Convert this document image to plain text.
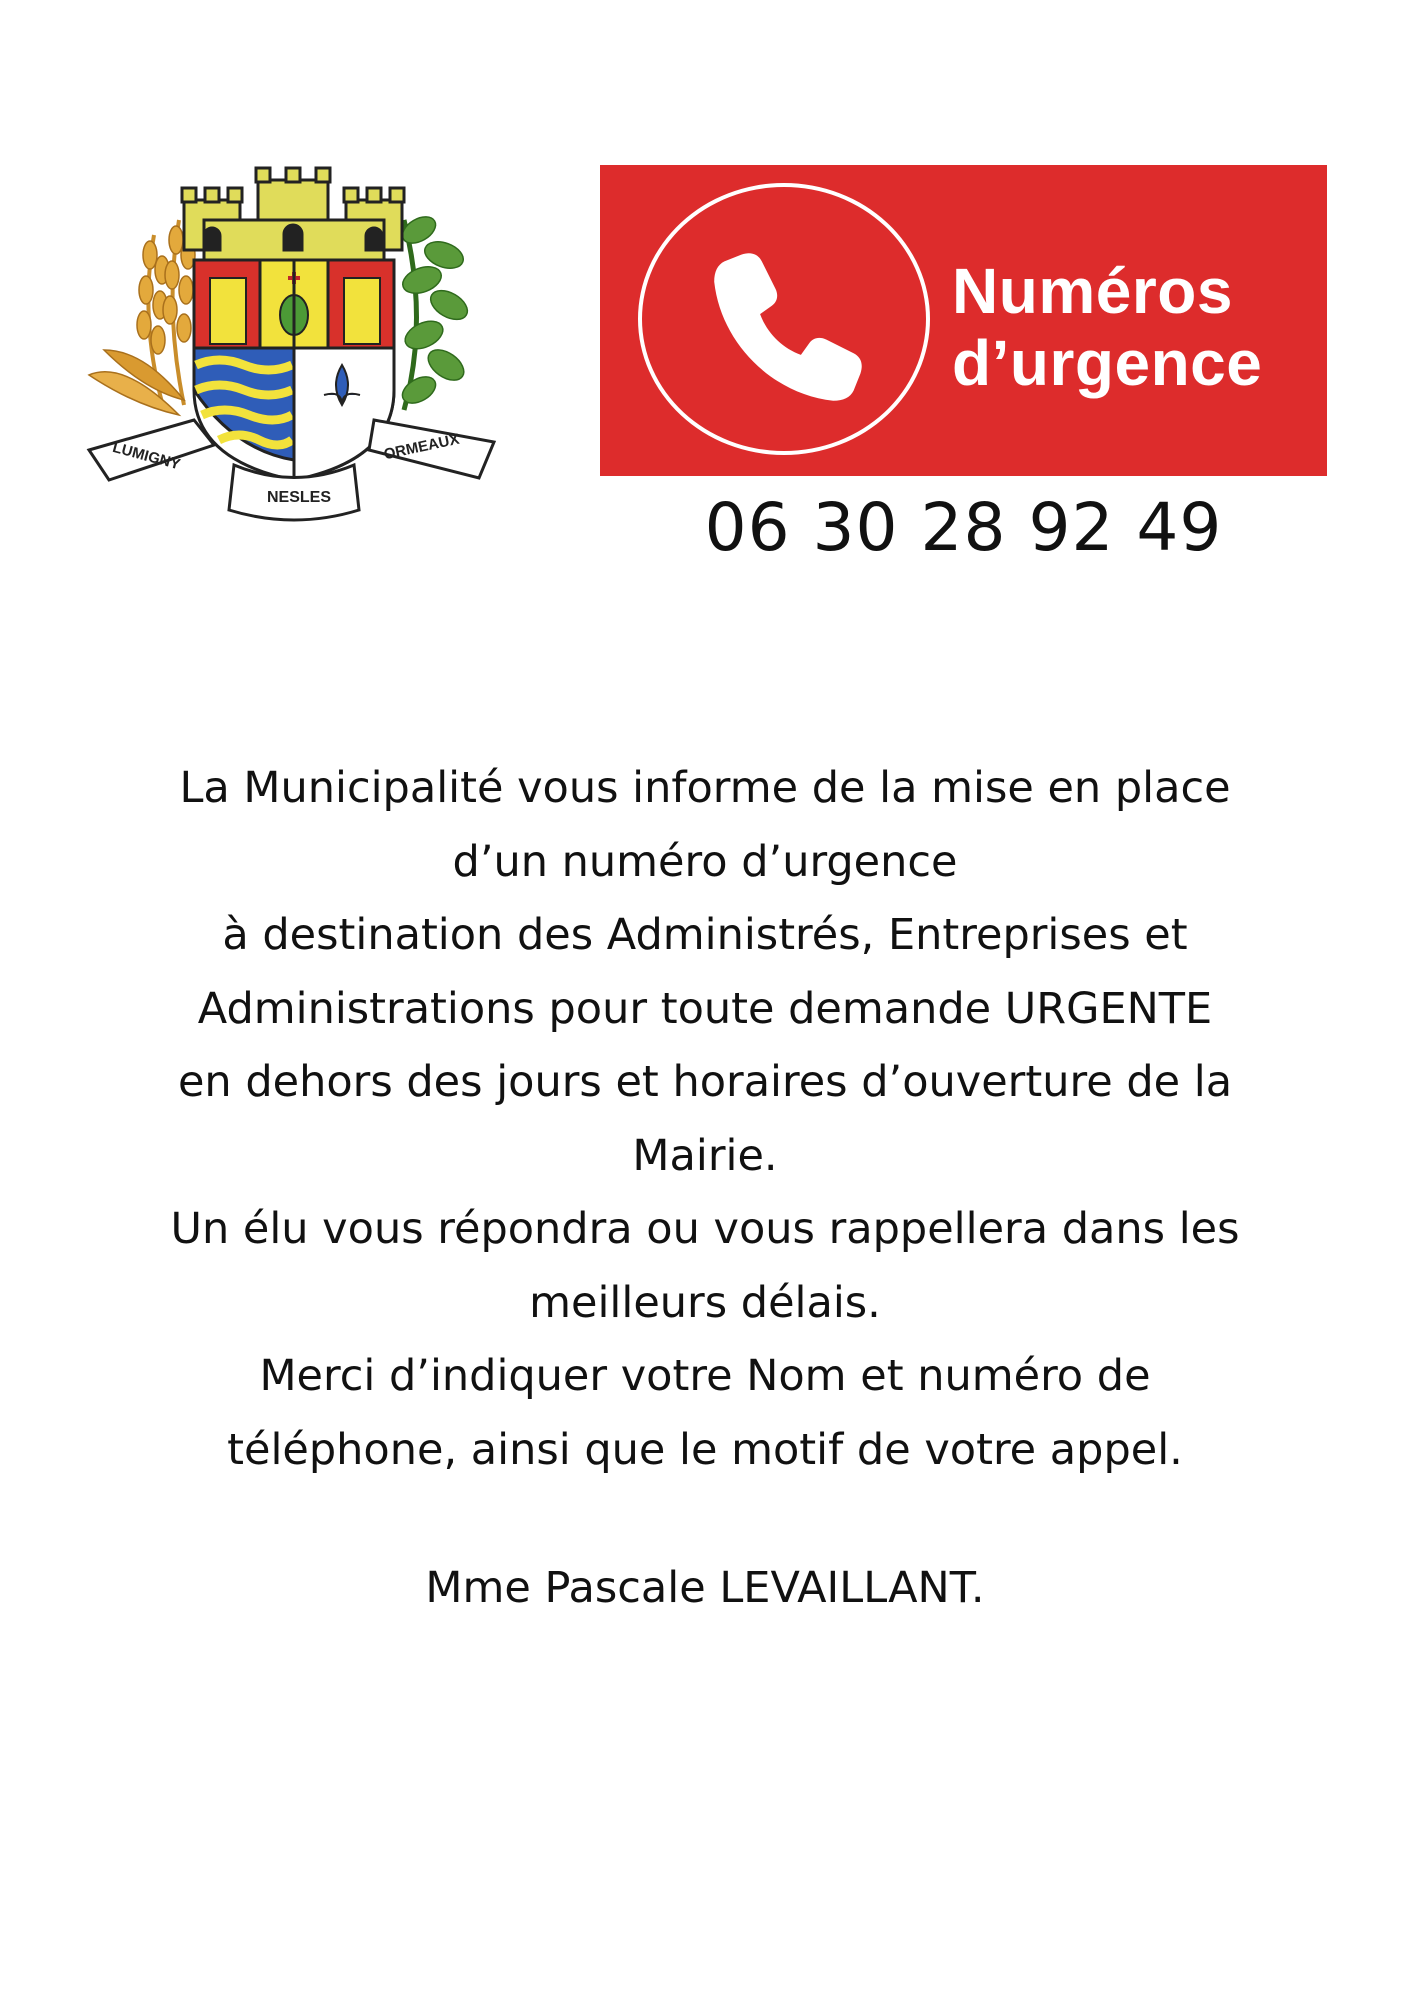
LUMIGNY	ORMEAUX
NESLES
Numéros
d’urgence
06 30 28 92 49
La Municipalité vous informe de la mise en place
d’un numéro d’urgence
à destination des Administrés, Entreprises et
Administrations pour toute demande URGENTE
en dehors des jours et horaires d’ouverture de la
Mairie.
Un élu vous répondra ou vous rappellera dans les
meilleurs délais.
Merci d’indiquer votre Nom et numéro de
téléphone, ainsi que le motif de votre appel.
Mme Pascale LEVAILLANT.
